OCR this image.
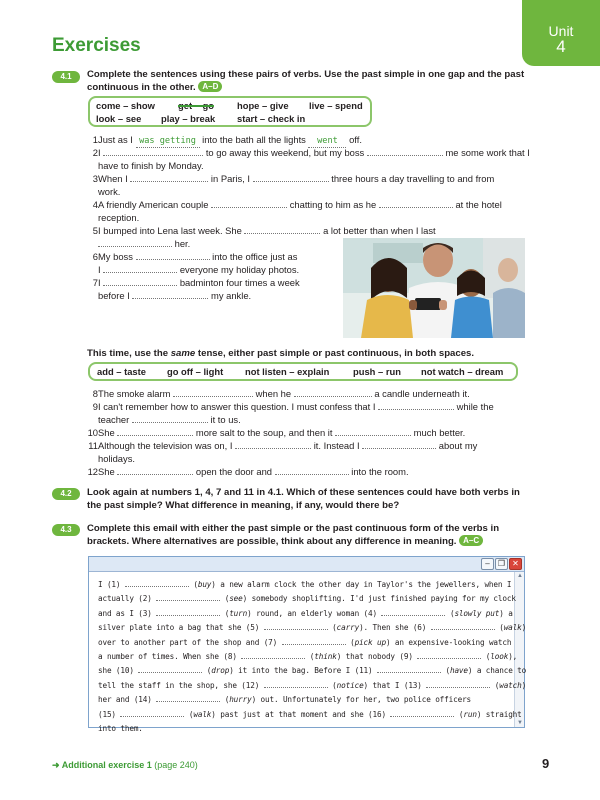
Unit
4
Exercises
4.1	Complete the sentences using these pairs of verbs. Use the past simple in one gap and the past continuous in the other. A–D
come – show get – go hope – give live – spend
look – see play – break start – check in
1 Just as I was getting into the bath all the lights went off.
2 I	to go away this weekend, but my boss	me some work that I
have to finish by Monday.
3 When I	in Paris, I	three hours a day travelling to and from
work.
4 A friendly American couple	chatting to him as he	at the hotel
reception.
5 I bumped into Lena last week. She	a lot better than when I last
her.
6 My boss	into the office just as
I	everyone my holiday photos.
7 I	badminton four times a week
before I	my ankle.
This time, use the same tense, either past simple or past continuous, in both spaces.
add – taste go off – light not listen – explain	push – run not watch – dream
8 The smoke alarm	when he	a candle underneath it.
9 I can't remember how to answer this question. I must confess that I	while the
teacher	it to us.
10 She	more salt to the soup, and then it	much better.
11 Although the television was on, I	it. Instead I	about my
holidays.
12 She	open the door and	into the room.
4.2	Look again at numbers 1, 4, 7 and 11 in 4.1. Which of these sentences could have both verbs in the past simple? What difference in meaning, if any, would there be?
4.3	Complete this email with either the past simple or the past continuous form of the verbs in brackets. Where alternatives are possible, think about any difference in meaning. A–C
–	❐ ✕
▲
▼
I (1)	(buy) a new alarm clock the other day in Taylor's the jewellers, when I
actually (2)	(see) somebody shoplifting. I'd just finished paying for my clock
and as I (3)	(turn) round, an elderly woman (4)	(slowly put) a
silver plate into a bag that she (5)	(carry). Then she (6)	(walk)
over to another part of the shop and (7)	(pick up) an expensive-looking watch
a number of times. When she (8)	(think) that nobody (9)	(look),
she (10)	(drop) it into the bag. Before I (11)	(have) a chance to
tell the staff in the shop, she (12)	(notice) that I (13)	(watch)
her and (14)	(hurry) out. Unfortunately for her, two police officers
(15)	(walk) past just at that moment and she (16)	(run) straight
into them.
➜ Additional exercise 1 (page 240)	9
